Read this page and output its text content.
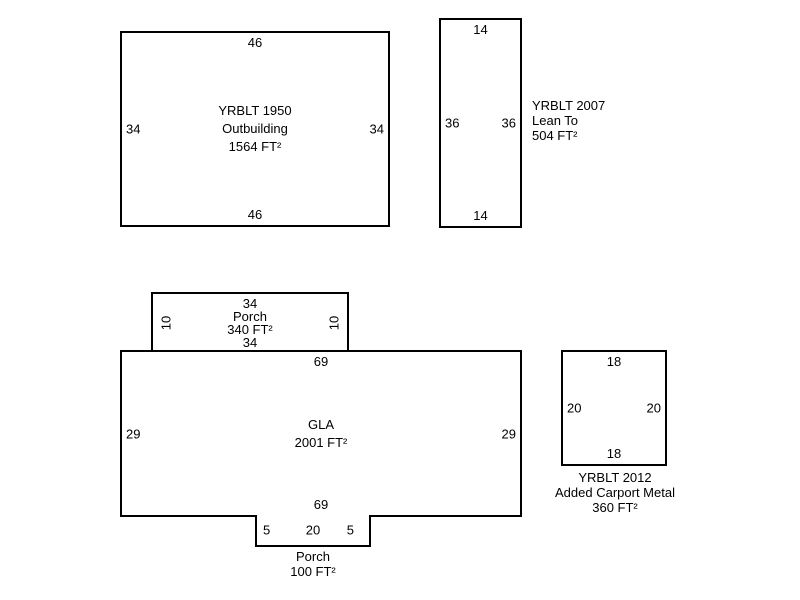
46
46
34	34
YRBLT 1950
Outbuilding
1564 FT²
14
14
36	36
YRBLT 2007
Lean To
504 FT²
10	10
34
Porch
340 FT²
34
69
69
29	29
GLA
2001 FT²
5	20	5
Porch
100 FT²
18
18
20	20
YRBLT 2012
Added Carport Metal
360 FT²
